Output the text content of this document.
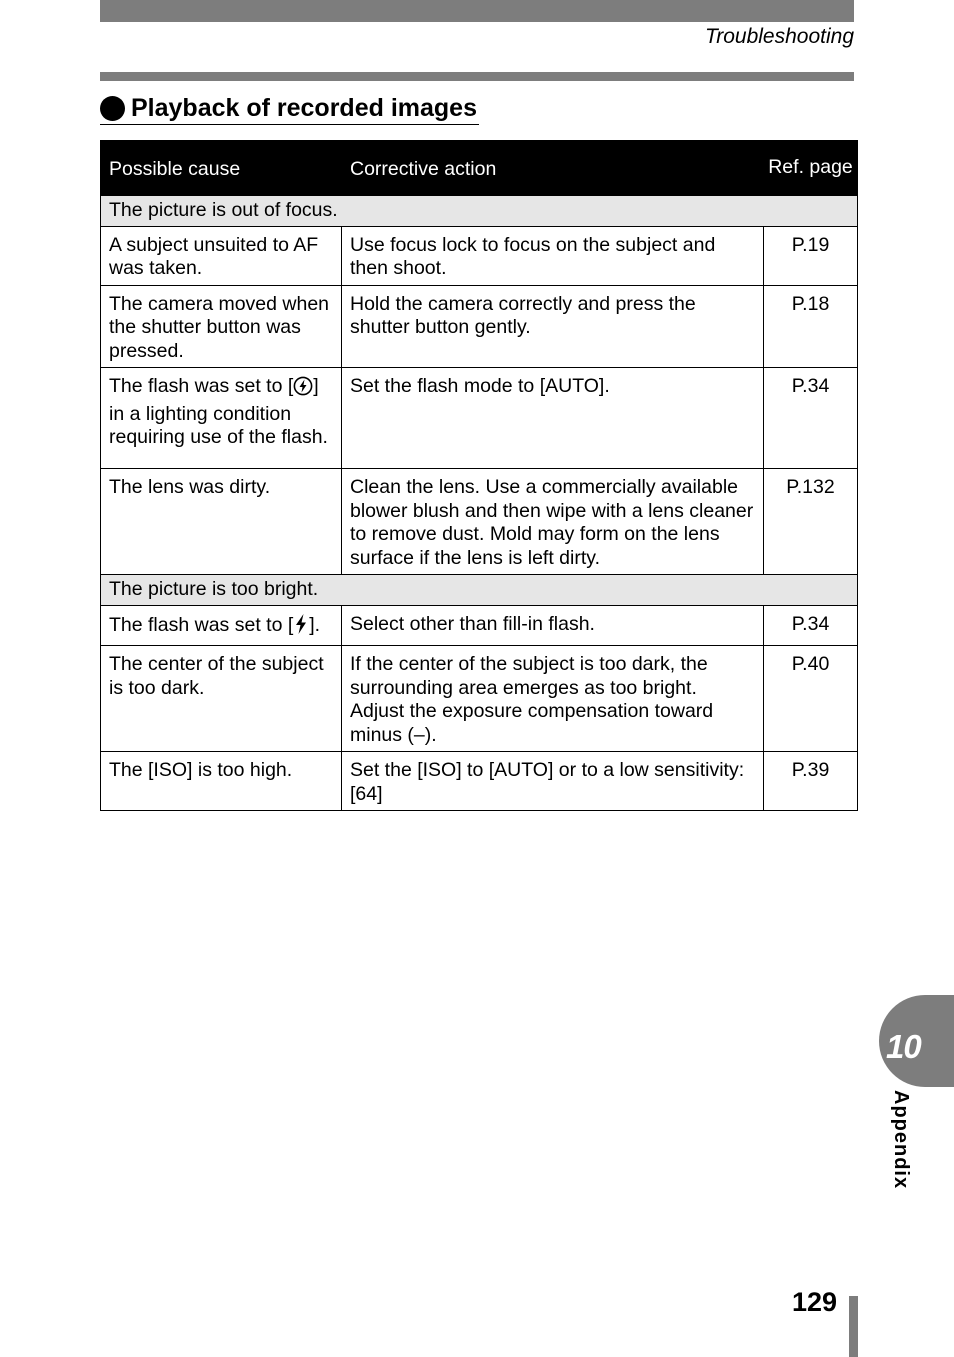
Troubleshooting
Playback of recorded images
Possible cause	Corrective action	Ref. page
The picture is out of focus.		
A subject unsuited to AF was taken.	Use focus lock to focus on the subject and then shoot.	P.19
The camera moved when the shutter button was pressed.	Hold the camera correctly and press the shutter button gently.	P.18
The flash was set to [ ] in a lighting condition requiring use of the flash.	Set the flash mode to [AUTO].	P.34
The lens was dirty.	Clean the lens. Use a commercially available blower blush and then wipe with a lens cleaner to remove dust. Mold may form on the lens surface if the lens is left dirty.	P.132
The picture is too bright.		
The flash was set to [ ].	Select other than fill-in flash.	P.34
The center of the subject is too dark.	If the center of the subject is too dark, the surrounding area emerges as too bright. Adjust the exposure compensation toward minus (–).	P.40
The [ISO] is too high.	Set the [ISO] to [AUTO] or to a low sensitivity: [64]	P.39
10
Appendix
129
